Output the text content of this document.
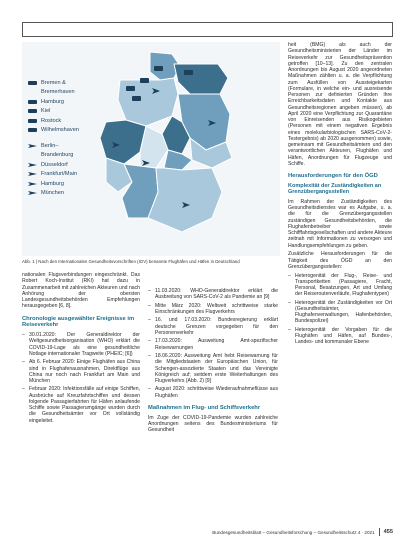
Bremen &
Bremerhaven
Hamburg
Kiel
Rostock
Wilhelmshaven
Berlin–
Brandenburg
Düsseldorf
Frankfurt/Main
Hamburg
München
Abb. 1 | Nach den Internationalen Gesundheitsvorschriften (IGV) benannte Flughäfen und Häfen in Deutschland

nationalen Flugsverbindungen eingeschränkt. Das Robert Koch-Institut (RKI) hat dazu in Zusammenarbeit mit zahlreichen Akteuren und nach Anhörung der obersten Landesgesundheitsbehörden Empfehlungen herausgegeben [6, 8].

Chronologie ausgewählter Ereignisse im Reiseverkehr
– 30.01.2020: Der Generaldirektor der Weltgesundheitsorganisation (WHO) erklärt die COVID-19-Lage als eine gesundheitliche Notlage internationaler Tragweite (PHEIC; [6])
– Ab 6. Februar 2020: Einige Flughäfen aus China sind in Flughafenausnahmen, Direktflüge aus China nur noch nach Frankfurt am Main und München
– Februar 2020: Infektionsfälle auf einige Schiffen, Ausbrüche auf Kreuzfahrtschiffen und dessen folgende Passagierfahrten für Häfen anlaufende Schiffe sowie Passagierumgänge wurden durch die Gesundheitsämter vor Ort vollständig eingeleitet.
– 11.03.2020: WHO-Generaldirektor erklärt die Ausbreitung von SARS-CoV-2 als Pandemie an [9]
– Mitte März 2020: Weltweit schrittweise starke Einschränkungen des Flugverkehrs
– 16. und 17.03.2020: Bundesregierung erklärt deutsche Grenzen vorgegeben für den Personenverkehr
– 17.03.2020: Ausweitung Amt-spezifischer Reisewarnungen
– 18.06.2020: Ausweitung Amt hebt Reisewarnung für die Mitgliedstaaten der Europäischen Union, für Schengen-assoziierte Staaten und das Vereinigte Königreich auf; seitdem erste Weiterhaltungen des Flugverkehrs (Abb. 2) [9]
– August 2020: schrittweise Wiederaufnahmeflüsse aus Flughäfen
Maßnahmen im Flug- und Schiffsverkehr

Im Zuge der COVID-19-Pandemie wurden zahlreiche Anordnungen seitens des Bundesministeriums für Gesundheit

heit (BMG) als auch der Gesundheitsministerien der Länder im Reiseverkehr zur Gesundheitsprävention getroffen [10–13]. Zu den zentralen Anordnungen bis August 2020 angeordneten Maßnahmen zählten u. a. die Verpflichtung zum Ausfüllen von Aussteigekarten (Formulare, in welche ein- und ausreisende Personen zur definierten Gründen ihre Erreichbarkeitsdaten und Kontakte aus Gesundheitsregionen angeben müssen), ab April 2020 eine Verpflichtung zur Quarantäne von Einreisenden aus Risikogebieten (Personen mit einem negativen Ergebnis eines molekularbiologischen SARS-CoV-2-Testergebnis) ab 2020 ausgenommen) sowie, gemeinsam mit Gesundheitsämtern und den verantwortlichen Akteuren, Flughäfen und Häfen, Anordnungen für Flugzeuge und Schiffe.

Herausforderungen für den ÖGD
Komplexität der Zuständigkeiten an Grenzübergangsstellen

Im Rahmen der Zuständigkeiten des Gesundheitsdienstes war es Aufgabe, u. a. die für die Grenzübergangsstellen zuständigen Gesundheitsbehörden, die Flughafenbetreiber sowie Schifffahrtsgesellschaften und andere Akteure zeitnah mit Informationen zu versorgen und Handlungsempfehlungen zu geben.

Zusätzliche Herausforderungen für die Tätigkeit des ÖGD an den Grenzübergangsstellen:

– Heterogenität der Flug-, Reise- und Transportketten (Passagiere, Fracht, Personal, Besatzungen, Art und Umfang der Reiseroutenverläufe, Flughafentypen)
– Heterogenität der Zuständigkeiten vor Ort (Gesundheitsämter, Flughafenverwaltungen, Hafenbehörden, Bundespolizei)
– Heterogenität der Vorgaben für die Flughäfen und Häfen, auf Bundes-, Landes- und kommunaler Ebene
Bundesgesundheitsblatt – Gesundheitsforschung – Gesundheitsschutz 4 · 2021 455
